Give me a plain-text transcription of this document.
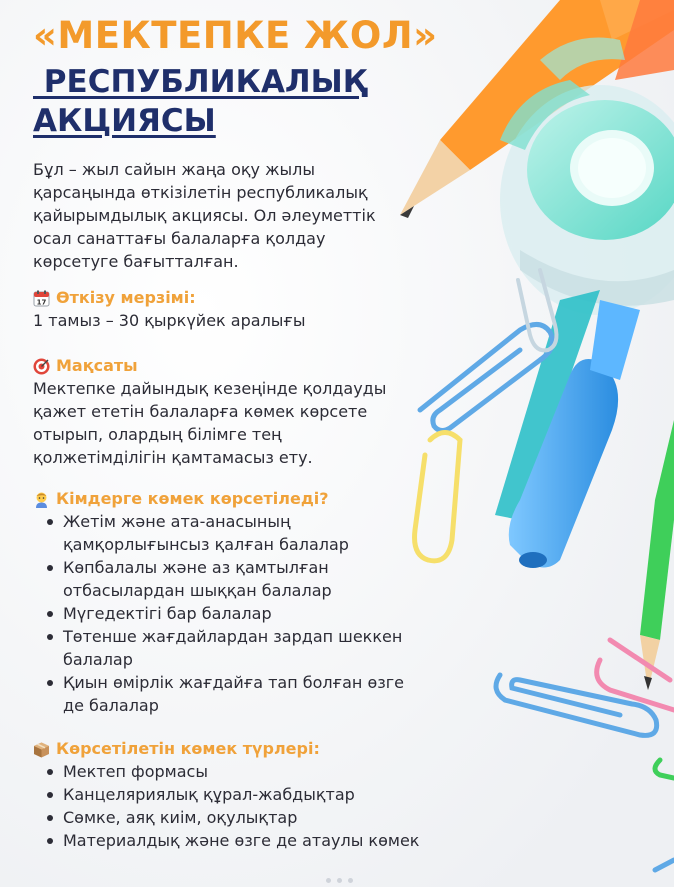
«МЕКТЕПКЕ ЖОЛ»
РЕСПУБЛИКАЛЫҚ
АКЦИЯСЫ
Бұл – жыл сайын жаңа оқу жылы қарсаңында өткізілетін республикалық қайырымдылық акциясы. Ол әлеуметтік осал санаттағы балаларға қолдау көрсетуге бағытталған.
17 Өткізу мерзімі:
1 тамыз – 30 қыркүйек аралығы
Мақсаты
Мектепке дайындық кезеңінде қолдауды қажет ететін балаларға көмек көрсете отырып, олардың білімге тең қолжетімділігін қамтамасыз ету.
Кімдерге көмек көрсетіледі?
Жетім және ата-анасының қамқорлығынсыз қалған балалар
Көпбалалы және аз қамтылған отбасылардан шыққан балалар
Мүгедектігі бар балалар
Төтенше жағдайлардан зардап шеккен балалар
Қиын өмірлік жағдайға тап болған өзге де балалар
Көрсетілетін көмек түрлері:
Мектеп формасы
Канцеляриялық құрал-жабдықтар
Сөмке, аяқ киім, оқулықтар
Материалдық және өзге де атаулы көмек
